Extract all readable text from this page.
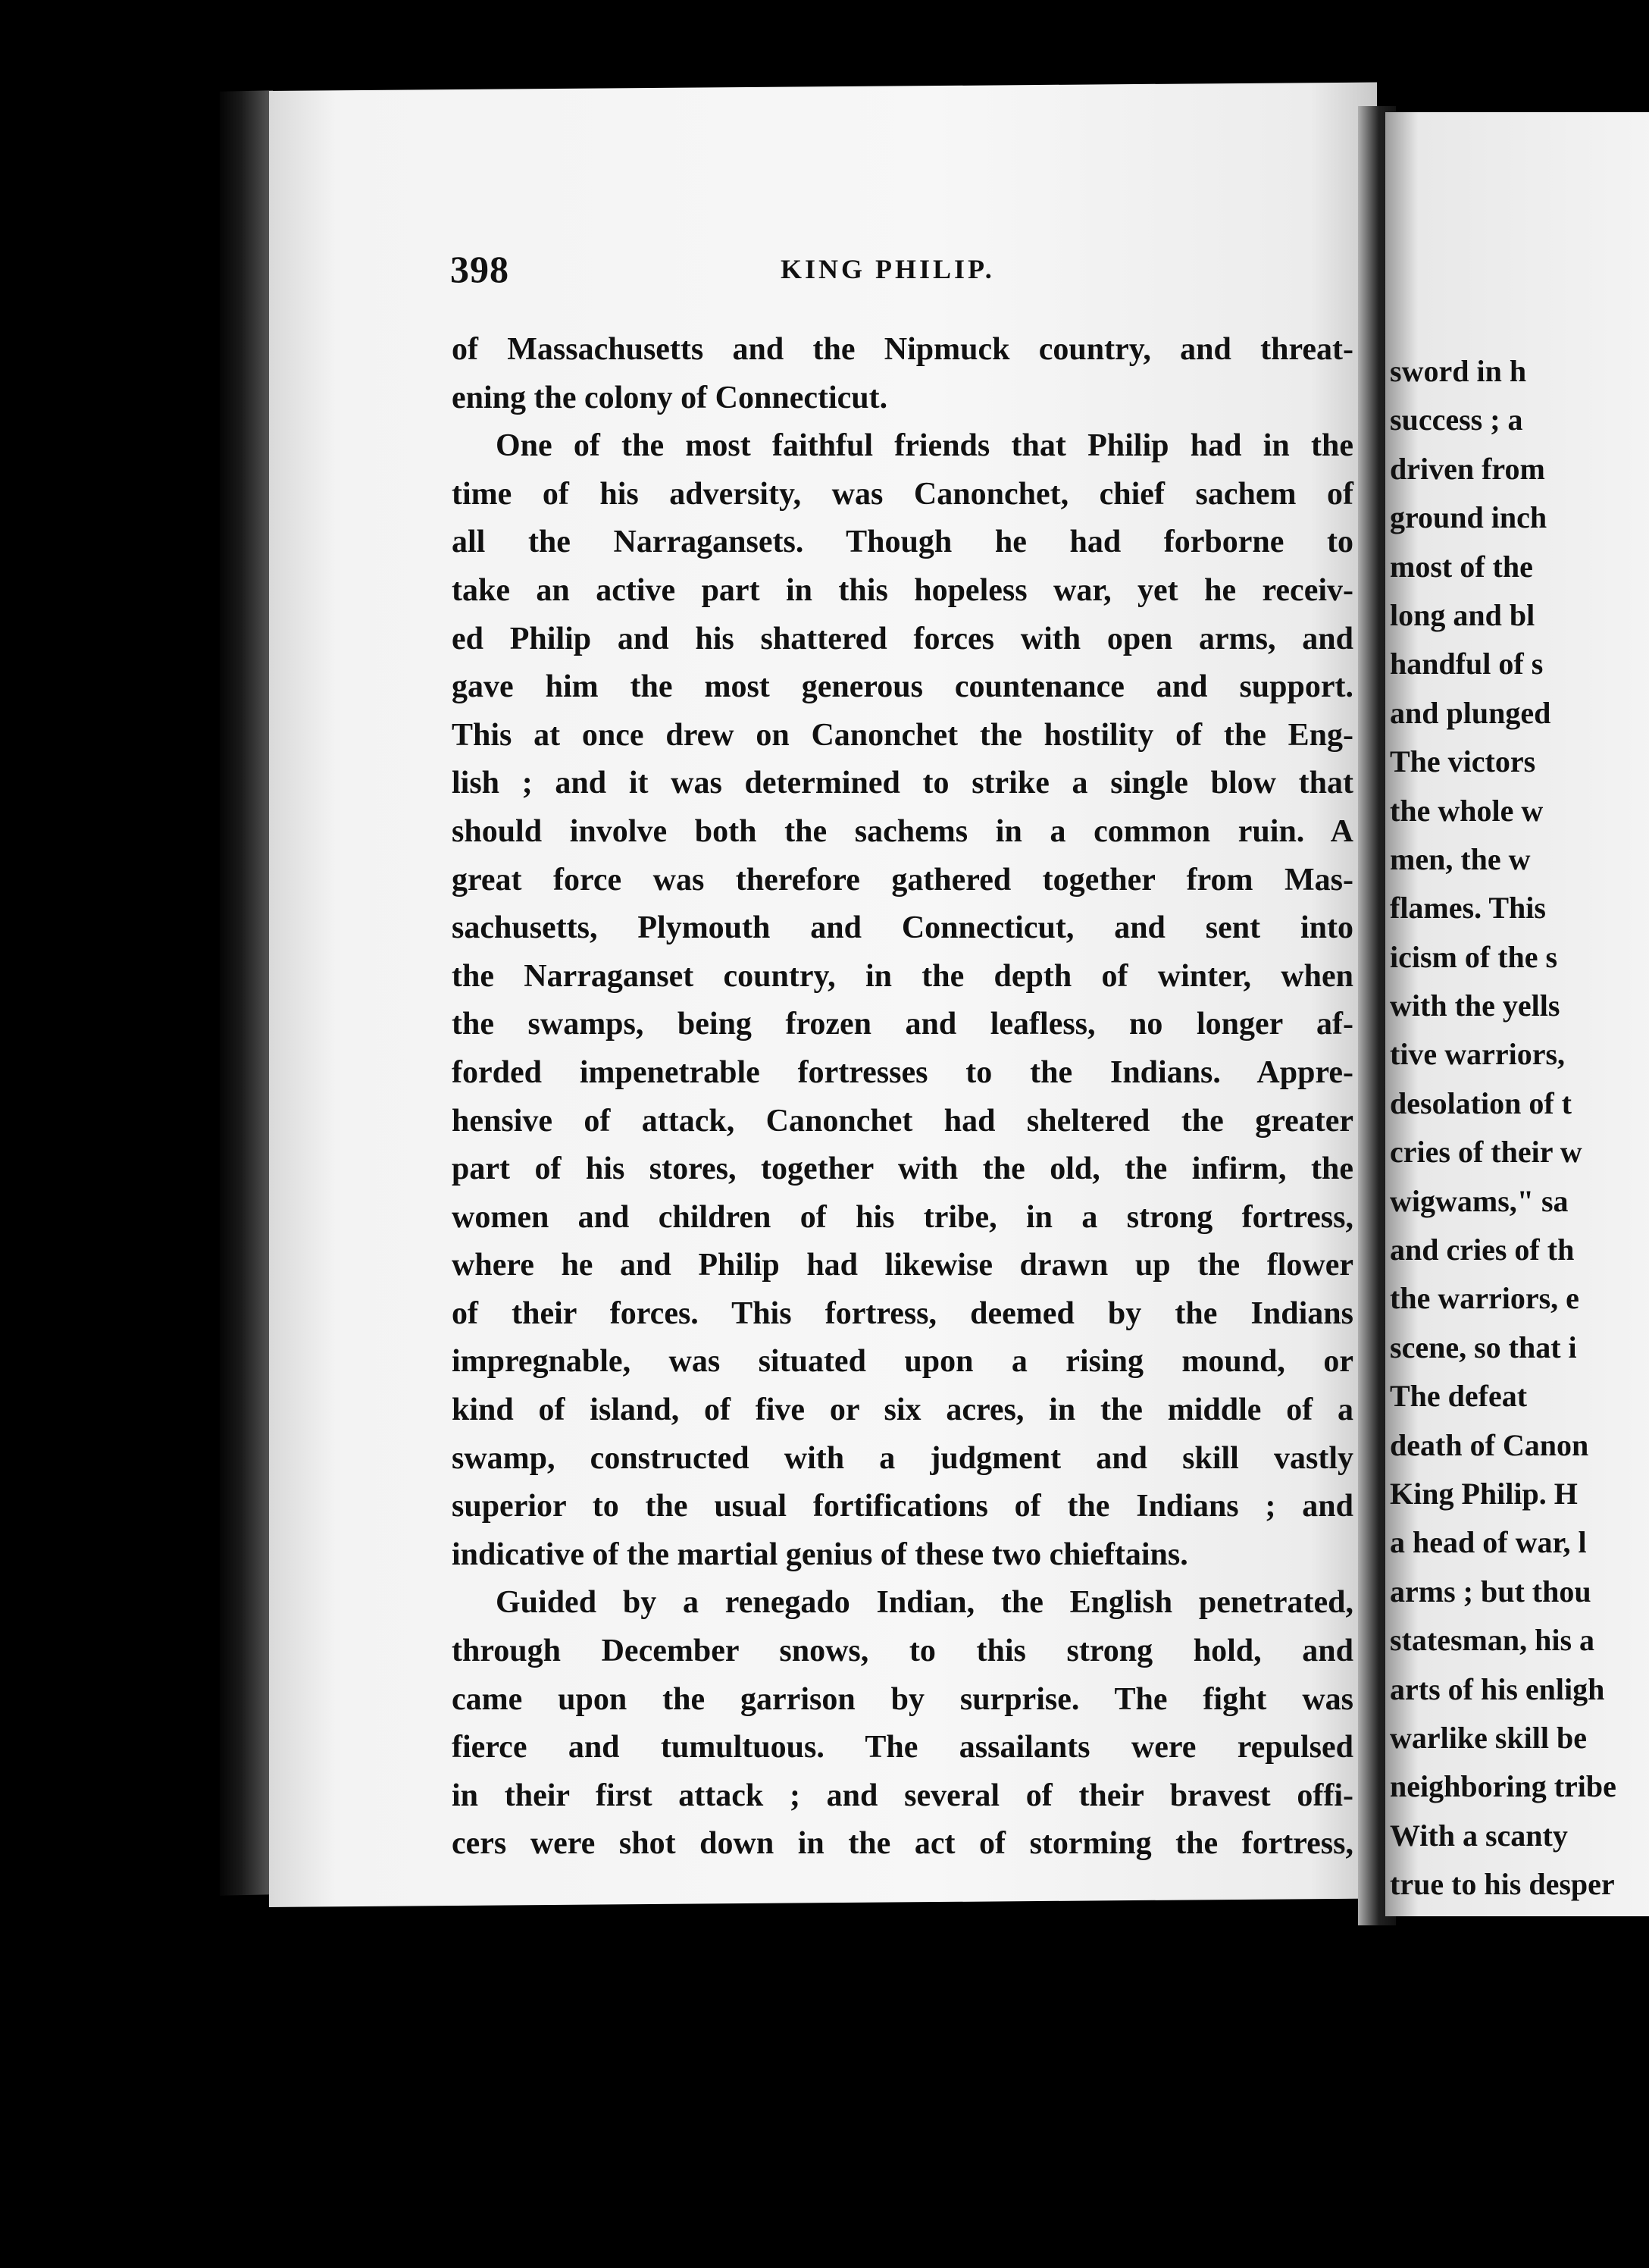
398	KING PHILIP.
of Massachusetts and the Nipmuck country, and threat-
ening the colony of Connecticut.
One of the most faithful friends that Philip had in the
time of his adversity, was Canonchet, chief sachem of
all the Narragansets. Though he had forborne to
take an active part in this hopeless war, yet he receiv-
ed Philip and his shattered forces with open arms, and
gave him the most generous countenance and support.
This at once drew on Canonchet the hostility of the Eng-
lish ; and it was determined to strike a single blow that
should involve both the sachems in a common ruin. A
great force was therefore gathered together from Mas-
sachusetts, Plymouth and Connecticut, and sent into
the Narraganset country, in the depth of winter, when
the swamps, being frozen and leafless, no longer af-
forded impenetrable fortresses to the Indians. Appre-
hensive of attack, Canonchet had sheltered the greater
part of his stores, together with the old, the infirm, the
women and children of his tribe, in a strong fortress,
where he and Philip had likewise drawn up the flower
of their forces. This fortress, deemed by the Indians
impregnable, was situated upon a rising mound, or
kind of island, of five or six acres, in the middle of a
swamp, constructed with a judgment and skill vastly
superior to the usual fortifications of the Indians ; and
indicative of the martial genius of these two chieftains.
Guided by a renegado Indian, the English penetrated,
through December snows, to this strong hold, and
came upon the garrison by surprise. The fight was
fierce and tumultuous. The assailants were repulsed
in their first attack ; and several of their bravest offi-
cers were shot down in the act of storming the fortress,
sword in h
success ; a
driven from
ground inch
most of the
long and bl
handful of s
and plunged
The victors
the whole w
men, the w
flames. This
icism of the s
with the yells
tive warriors,
desolation of t
cries of their w
wigwams," sa
and cries of th
the warriors, e
scene, so that i
The defeat
death of Canon
King Philip. H
a head of war, l
arms ; but thou
statesman, his a
arts of his enligh
warlike skill be
neighboring tribe
With a scanty
true to his desper
